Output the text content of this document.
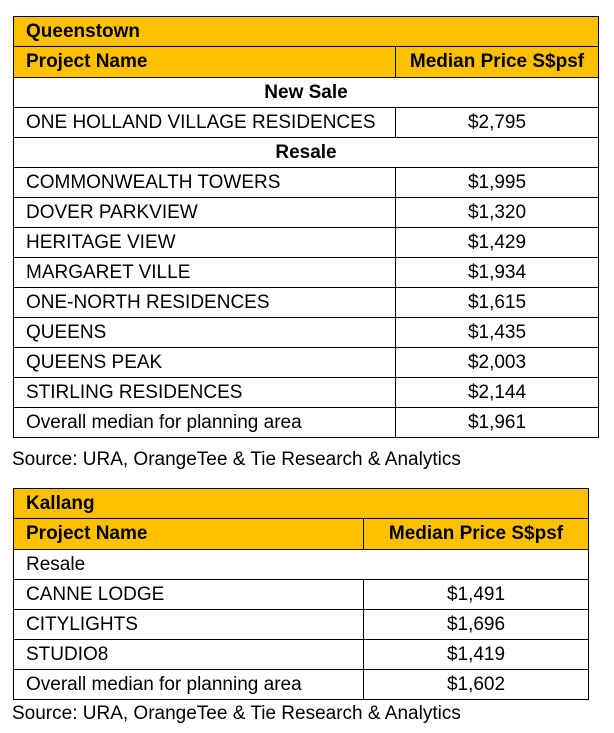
Queenstown	
Project Name	Median Price S$psf
New Sale	
ONE HOLLAND VILLAGE RESIDENCES	$2,795
Resale	
COMMONWEALTH TOWERS	$1,995
DOVER PARKVIEW	$1,320
HERITAGE VIEW	$1,429
MARGARET VILLE	$1,934
ONE-NORTH RESIDENCES	$1,615
QUEENS	$1,435
QUEENS PEAK	$2,003
STIRLING RESIDENCES	$2,144
Overall median for planning area	$1,961
Source: URA, OrangeTee & Tie Research & Analytics
Kallang	
Project Name	Median Price S$psf
Resale	
CANNE LODGE	$1,491
CITYLIGHTS	$1,696
STUDIO8	$1,419
Overall median for planning area	$1,602
Source: URA, OrangeTee & Tie Research & Analytics
